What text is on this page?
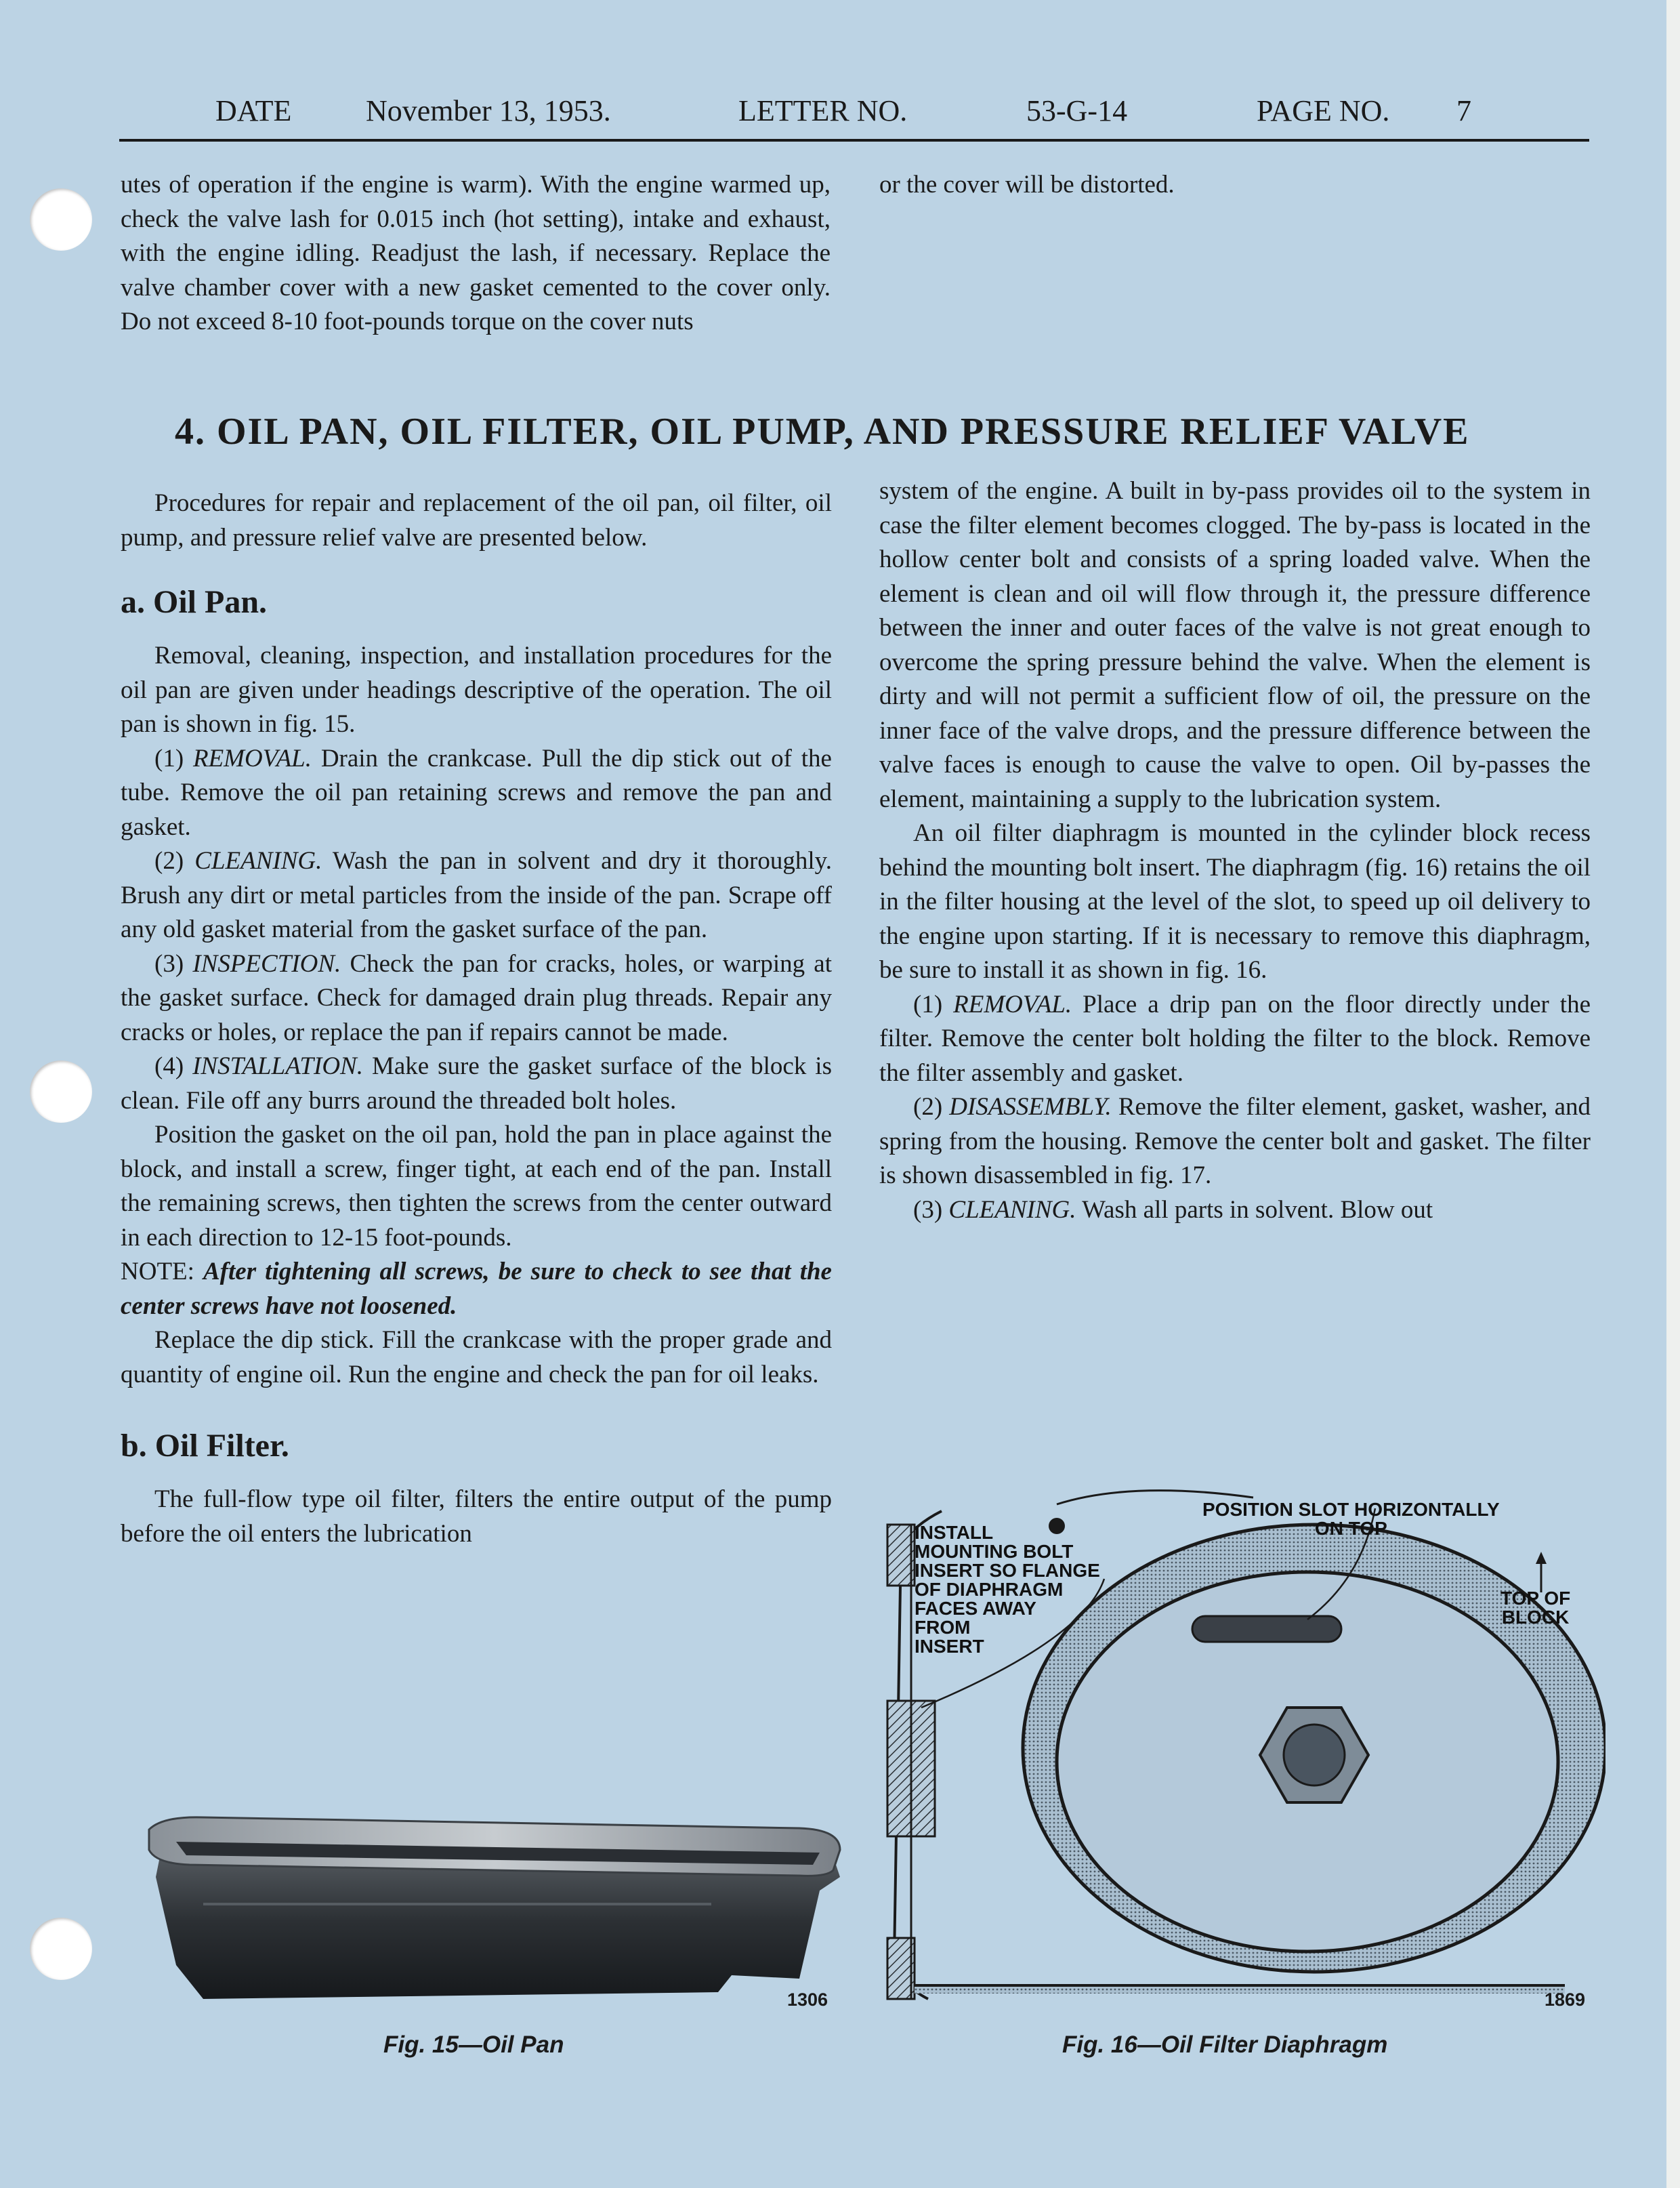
DATE November 13, 1953.	LETTER NO.	53-G-14	PAGE NO. 7

utes of operation if the engine is warm). With the engine warmed up, check the valve lash for 0.015 inch (hot setting), intake and exhaust, with the engine idling. Readjust the lash, if necessary. Replace the valve chamber cover with a new gasket cemented to the cover only. Do not exceed 8-10 foot-pounds torque on the cover nuts

or the cover will be distorted.

4. OIL PAN, OIL FILTER, OIL PUMP, AND PRESSURE RELIEF VALVE

Procedures for repair and replacement of the oil pan, oil filter, oil pump, and pressure relief valve are presented below.

a. Oil Pan.

Removal, cleaning, inspection, and installation procedures for the oil pan are given under headings descriptive of the operation. The oil pan is shown in fig. 15.

(1) REMOVAL. Drain the crankcase. Pull the dip stick out of the tube. Remove the oil pan retaining screws and remove the pan and gasket.

(2) CLEANING. Wash the pan in solvent and dry it thoroughly. Brush any dirt or metal particles from the inside of the pan. Scrape off any old gasket material from the gasket surface of the pan.

(3) INSPECTION. Check the pan for cracks, holes, or warping at the gasket surface. Check for damaged drain plug threads. Repair any cracks or holes, or replace the pan if repairs cannot be made.

(4) INSTALLATION. Make sure the gasket surface of the block is clean. File off any burrs around the threaded bolt holes.

Position the gasket on the oil pan, hold the pan in place against the block, and install a screw, finger tight, at each end of the pan. Install the remaining screws, then tighten the screws from the center outward in each direction to 12-15 foot-pounds.

NOTE: After tightening all screws, be sure to check to see that the center screws have not loosened.

Replace the dip stick. Fill the crankcase with the proper grade and quantity of engine oil. Run the engine and check the pan for oil leaks.

b. Oil Filter.

The full-flow type oil filter, filters the entire output of the pump before the oil enters the lubrication

system of the engine. A built in by-pass provides oil to the system in case the filter element becomes clogged. The by-pass is located in the hollow center bolt and consists of a spring loaded valve. When the element is clean and oil will flow through it, the pressure difference between the inner and outer faces of the valve is not great enough to overcome the spring pressure behind the valve. When the element is dirty and will not permit a sufficient flow of oil, the pressure on the inner face of the valve drops, and the pressure difference between the valve faces is enough to cause the valve to open. Oil by-passes the element, maintaining a supply to the lubrication system.

An oil filter diaphragm is mounted in the cylinder block recess behind the mounting bolt insert. The diaphragm (fig. 16) retains the oil in the filter housing at the level of the slot, to speed up oil delivery to the engine upon starting. If it is necessary to remove this diaphragm, be sure to install it as shown in fig. 16.

(1) REMOVAL. Place a drip pan on the floor directly under the filter. Remove the center bolt holding the filter to the block. Remove the filter assembly and gasket.

(2) DISASSEMBLY. Remove the filter element, gasket, washer, and spring from the housing. Remove the center bolt and gasket. The filter is shown disassembled in fig. 17.

(3) CLEANING. Wash all parts in solvent. Blow out

1306
Fig. 15—Oil Pan
INSTALL
MOUNTING BOLT
INSERT SO FLANGE
OF DIAPHRAGM
FACES AWAY
FROM
INSERT
POSITION SLOT HORIZONTALLY
ON TOP
TOP OF
BLOCK
1869
Fig. 16—Oil Filter Diaphragm
